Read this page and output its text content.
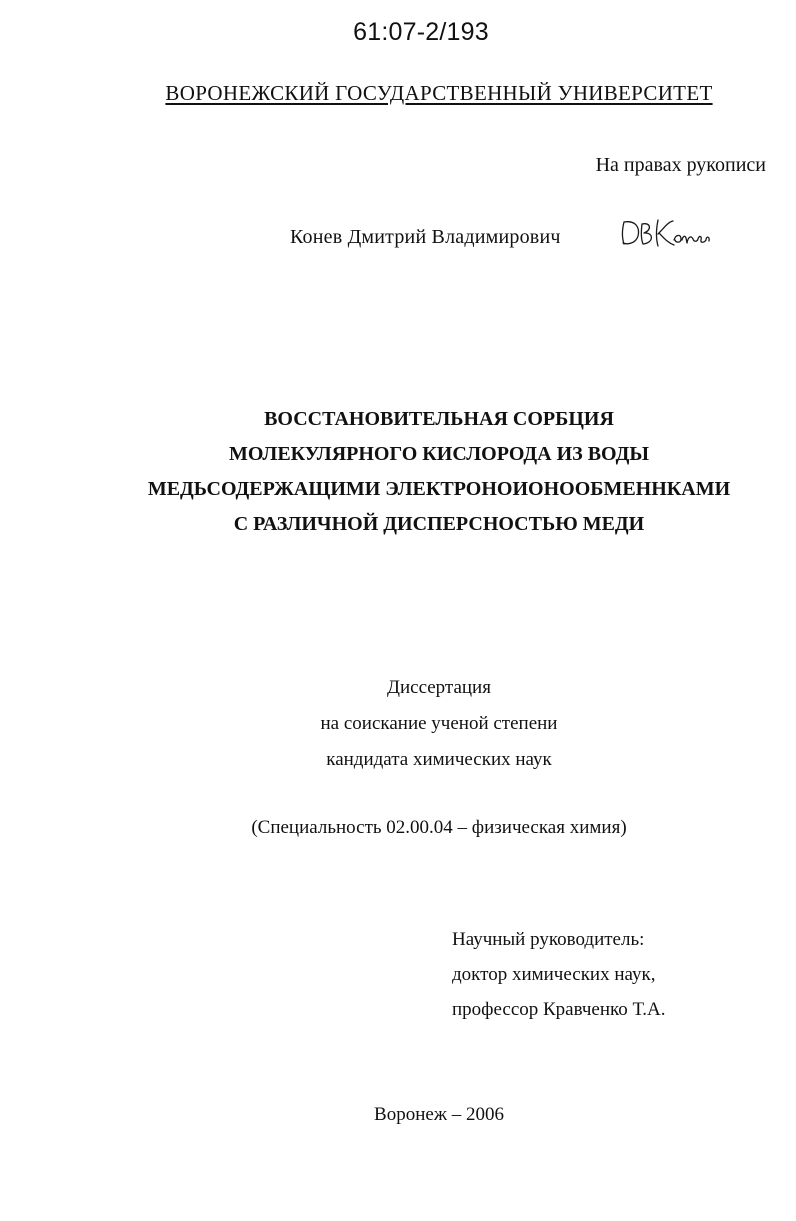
61:07-2/193
ВОРОНЕЖСКИЙ ГОСУДАРСТВЕННЫЙ УНИВЕРСИТЕТ
На правах рукописи
Конев Дмитрий Владимирович
ВОССТАНОВИТЕЛЬНАЯ СОРБЦИЯ
МОЛЕКУЛЯРНОГО КИСЛОРОДА ИЗ ВОДЫ
МЕДЬСОДЕРЖАЩИМИ ЭЛЕКТРОНОИОНООБМЕННКАМИ
С РАЗЛИЧНОЙ ДИСПЕРСНОСТЬЮ МЕДИ
Диссертация
на соискание ученой степени
кандидата химических наук
(Специальность 02.00.04 – физическая химия)
Научный руководитель:
доктор химических наук,
профессор Кравченко Т.А.
Воронеж – 2006
